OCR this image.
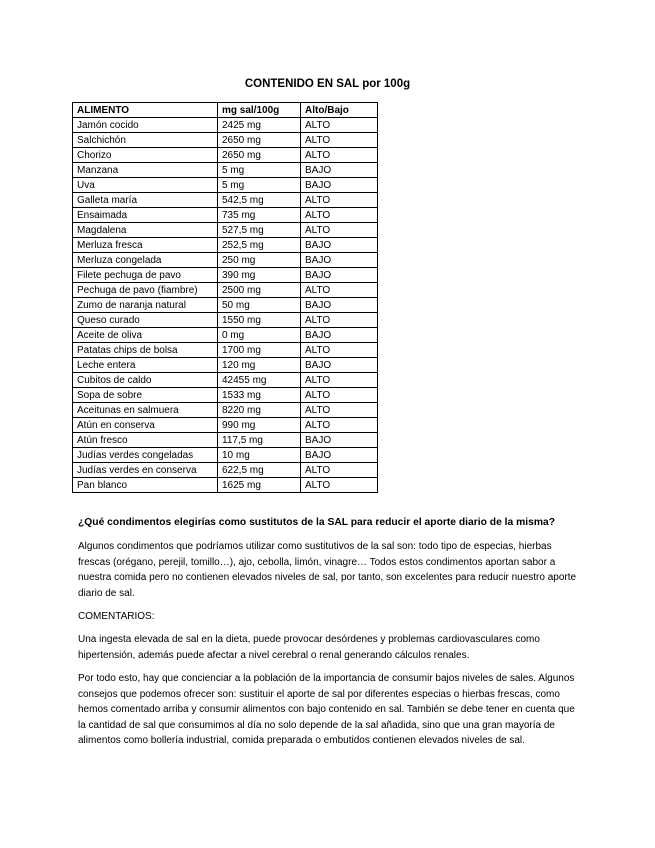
CONTENIDO EN SAL por 100g
ALIMENTO	mg sal/100g	Alto/Bajo
Jamón cocido	2425 mg	ALTO
Salchichón	2650 mg	ALTO
Chorizo	2650 mg	ALTO
Manzana	5 mg	BAJO
Uva	5 mg	BAJO
Galleta maría	542,5 mg	ALTO
Ensaimada	735 mg	ALTO
Magdalena	527,5 mg	ALTO
Merluza fresca	252,5 mg	BAJO
Merluza congelada	250 mg	BAJO
Filete pechuga de pavo	390 mg	BAJO
Pechuga de pavo (fiambre)	2500 mg	ALTO
Zumo de naranja natural	50 mg	BAJO
Queso curado	1550 mg	ALTO
Aceite de oliva	0 mg	BAJO
Patatas chips de bolsa	1700 mg	ALTO
Leche entera	120 mg	BAJO
Cubitos de caldo	42455 mg	ALTO
Sopa de sobre	1533 mg	ALTO
Aceitunas en salmuera	8220 mg	ALTO
Atún en conserva	990 mg	ALTO
Atún fresco	117,5 mg	BAJO
Judías verdes congeladas	10 mg	BAJO
Judías verdes en conserva	622,5 mg	ALTO
Pan blanco	1625 mg	ALTO
¿Qué condimentos elegirías como sustitutos de la SAL para reducir el aporte diario de la misma?
Algunos condimentos que podríamos utilizar como sustitutivos de la sal son: todo tipo de especias, hierbas frescas (orégano, perejil, tomillo…), ajo, cebolla, limón, vinagre… Todos estos condimentos aportan sabor a nuestra comida pero no contienen elevados niveles de sal, por tanto, son excelentes para reducir nuestro aporte diario de sal.
COMENTARIOS:
Una ingesta elevada de sal en la dieta, puede provocar desórdenes y problemas cardiovasculares como hipertensión, además puede afectar a nivel cerebral o renal generando cálculos renales.
Por todo esto, hay que concienciar a la población de la importancia de consumir bajos niveles de sales. Algunos consejos que podemos ofrecer son: sustituir el aporte de sal por diferentes especias o hierbas frescas, como hemos comentado arriba y consumir alimentos con bajo contenido en sal. También se debe tener en cuenta que la cantidad de sal que consumimos al día no solo depende de la sal añadida, sino que una gran mayoría de alimentos como bollería industrial, comida preparada o embutidos contienen elevados niveles de sal.
